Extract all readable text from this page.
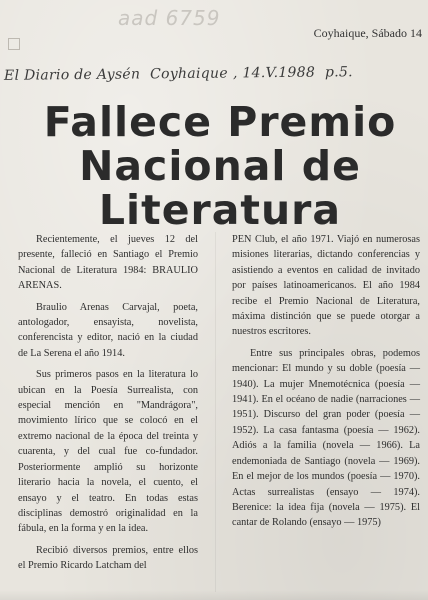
aad 6759
Coyhaique, Sábado 14
El Diario de Aysén Coyhaique , 14.V.1988 p.5.
Fallece Premio
Nacional de
Literatura

Recientemente, el jueves 12 del presente, falleció en Santiago el Premio Nacional de Literatura 1984: BRAULIO ARENAS.

Braulio Arenas Carvajal, poeta, antologador, ensayista, novelista, conferencista y editor, nació en la ciudad de La Serena el año 1914.

Sus primeros pasos en la literatura lo ubican en la Poesía Surrealista, con especial mención en "Mandrágora", movimiento lírico que se colocó en el extremo nacional de la época del treinta y cuarenta, y del cual fue co-fundador. Posteriormente amplió su horizonte literario hacia la novela, el cuento, el ensayo y el teatro. En todas estas disciplinas demostró originalidad en la fábula, en la forma y en la idea.

Recibió diversos premios, entre ellos el Premio Ricardo Latcham del

PEN Club, el año 1971. Viajó en numerosas misiones literarias, dictando conferencias y asistiendo a eventos en calidad de invitado por países latinoamericanos. El año 1984 recibe el Premio Nacional de Literatura, máxima distinción que se puede otorgar a nuestros escritores.

Entre sus principales obras, podemos mencionar: El mundo y su doble (poesía — 1940). La mujer Mnemotécnica (poesía — 1941). En el océano de nadie (narraciones — 1951). Discurso del gran poder (poesía — 1952). La casa fantasma (poesía — 1962). Adiós a la familia (novela — 1966). La endemoniada de Santiago (novela — 1969). En el mejor de los mundos (poesía — 1970). Actas surrealistas (ensayo — 1974). Berenice: la idea fija (novela — 1975). El cantar de Rolando (ensayo — 1975)
